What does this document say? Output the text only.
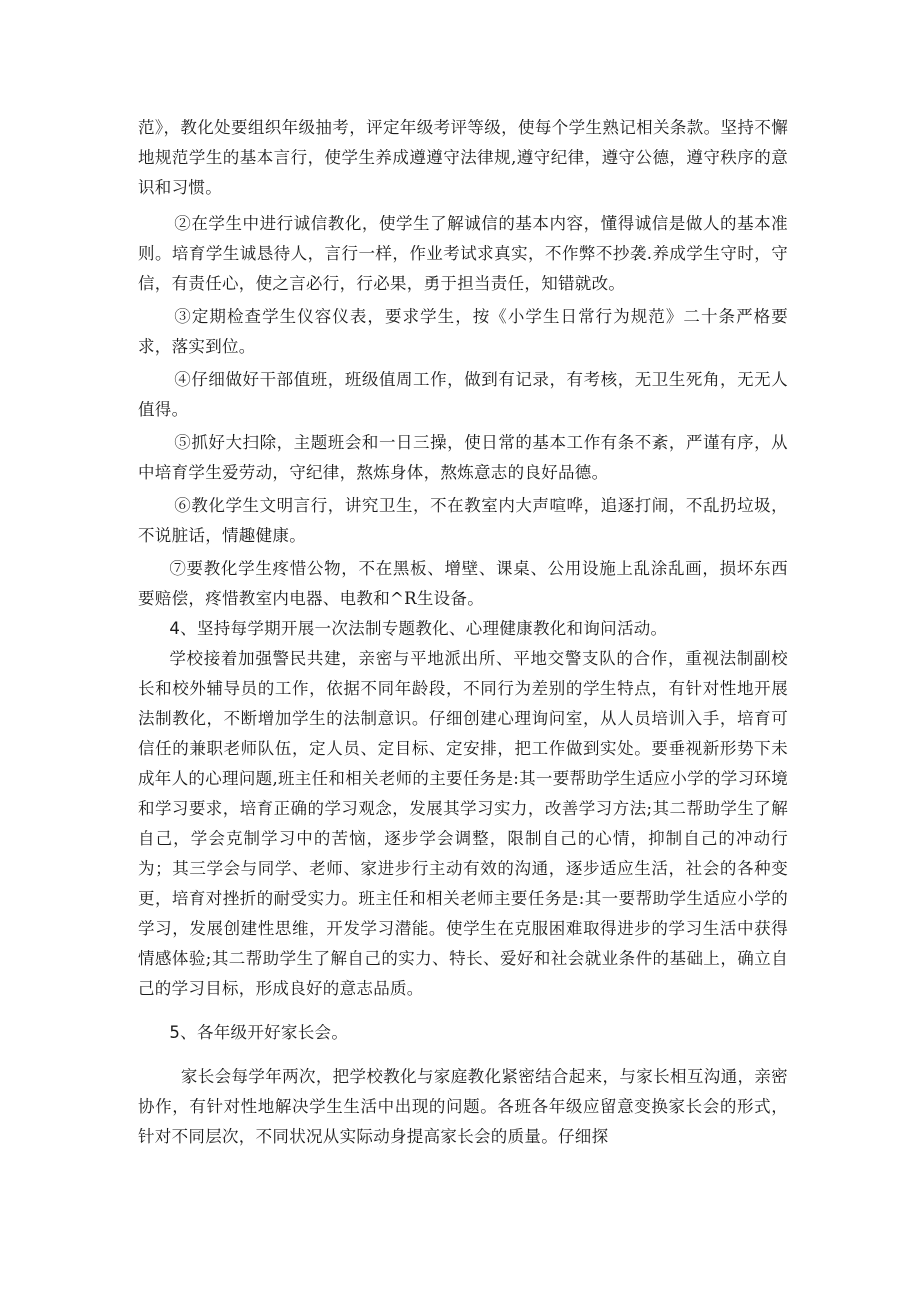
范》，教化处要组织年级抽考，评定年级考评等级，使每个学生熟记相关条款。坚持不懈地规范学生的基本言行，使学生养成遵遵守法律规,遵守纪律，遵守公德，遵守秩序的意识和习惯。

②在学生中进行诚信教化，使学生了解诚信的基本内容，懂得诚信是做人的基本准则。培育学生诚恳待人，言行一样，作业考试求真实，不作弊不抄袭.养成学生守时，守信，有责任心，使之言必行，行必果，勇于担当责任，知错就改。

③定期检查学生仪容仪表，要求学生，按《小学生日常行为规范》二十条严格要求，落实到位。

④仔细做好干部值班，班级值周工作，做到有记录，有考核，无卫生死角，无无人值得。

⑤抓好大扫除，主题班会和一日三操，使日常的基本工作有条不紊，严谨有序，从中培育学生爱劳动，守纪律，熬炼身体，熬炼意志的良好品德。

⑥教化学生文明言行，讲究卫生，不在教室内大声喧哗，追逐打闹，不乱扔垃圾，不说脏话，情趣健康。

⑦要教化学生疼惜公物，不在黑板、增壁、课桌、公用设施上乱涂乱画，损坏东西要赔偿，疼惜教室内电器、电教和^R生设备。

4、坚持每学期开展一次法制专题教化、心理健康教化和询问活动。

学校接着加强警民共建，亲密与平地派出所、平地交警支队的合作，重视法制副校长和校外辅导员的工作，依据不同年龄段，不同行为差别的学生特点，有针对性地开展法制教化，不断增加学生的法制意识。仔细创建心理询问室，从人员培训入手，培育可信任的兼职老师队伍，定人员、定目标、定安排，把工作做到实处。要垂视新形势下未成年人的心理问题,班主任和相关老师的主要任务是:其一要帮助学生适应小学的学习环境和学习要求，培育正确的学习观念，发展其学习实力，改善学习方法;其二帮助学生了解自己，学会克制学习中的苦恼，逐步学会调整，限制自己的心情，抑制自己的冲动行为；其三学会与同学、老师、家进步行主动有效的沟通，逐步适应生活，社会的各种变更，培育对挫折的耐受实力。班主任和相关老师主要任务是:其一要帮助学生适应小学的学习，发展创建性思维，开发学习潜能。使学生在克服困难取得进步的学习生活中获得情感体验;其二帮助学生了解自己的实力、特长、爱好和社会就业条件的基础上，确立自己的学习目标，形成良好的意志品质。

5、各年级开好家长会。

家长会每学年两次，把学校教化与家庭教化紧密结合起来，与家长相互沟通，亲密协作，有针对性地解决学生生活中出现的问题。各班各年级应留意变换家长会的形式，针对不同层次，不同状况从实际动身提高家长会的质量。仔细探
